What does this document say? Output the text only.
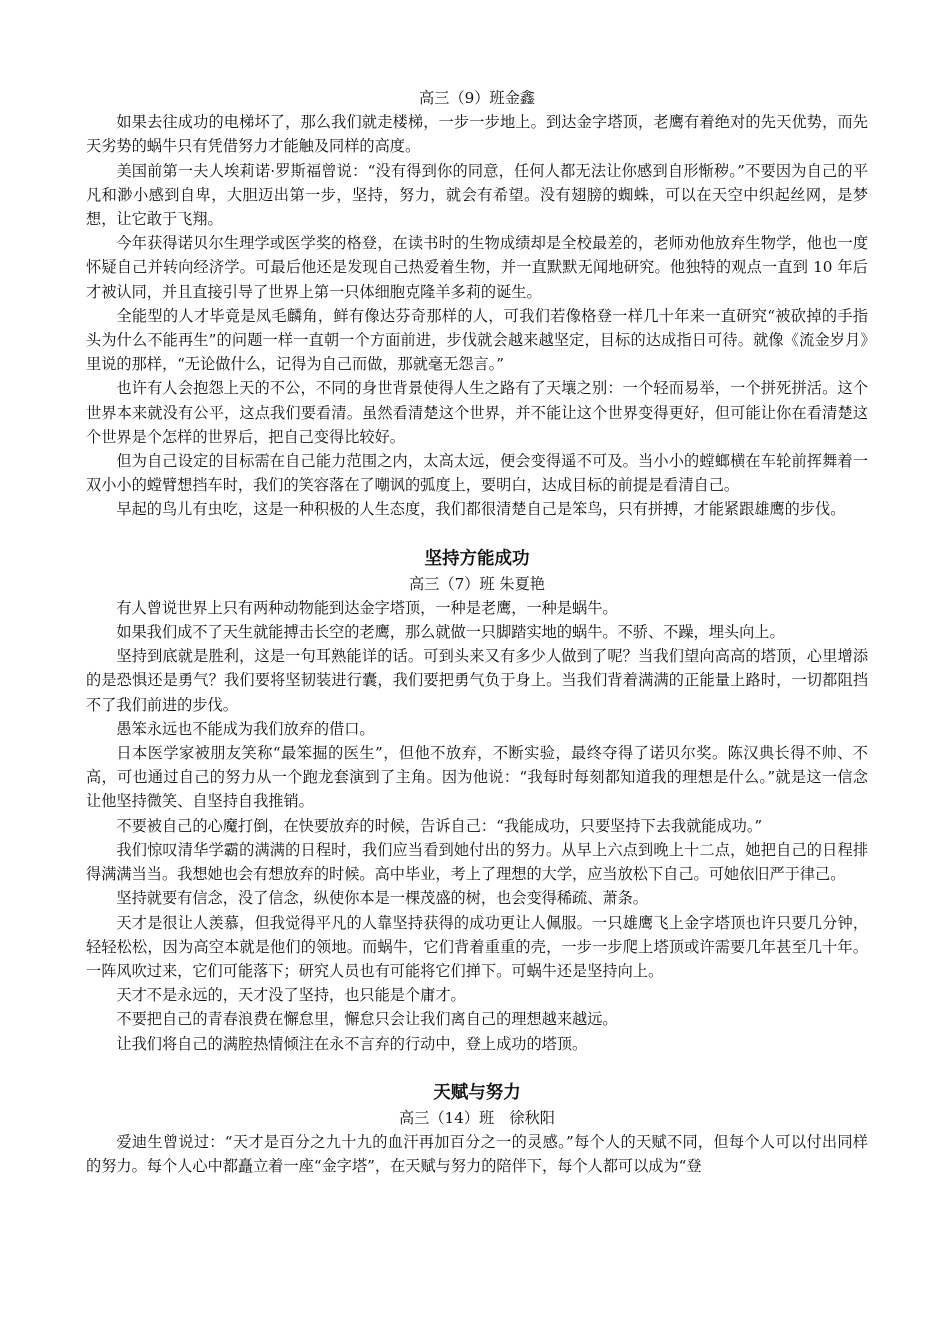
高三（9）班金鑫

如果去往成功的电梯坏了，那么我们就走楼梯，一步一步地上。到达金字塔顶，老鹰有着绝对的先天优势，而先天劣势的蜗牛只有凭借努力才能触及同样的高度。

美国前第一夫人埃莉诺·罗斯福曾说：“没有得到你的同意，任何人都无法让你感到自形惭秽。”不要因为自己的平凡和渺小感到自卑，大胆迈出第一步，坚持，努力，就会有希望。没有翅膀的蜘蛛，可以在天空中织起丝网，是梦想，让它敢于飞翔。

今年获得诺贝尔生理学或医学奖的格登，在读书时的生物成绩却是全校最差的，老师劝他放弃生物学，他也一度怀疑自己并转向经济学。可最后他还是发现自己热爱着生物，并一直默默无闻地研究。他独特的观点一直到 10 年后才被认同，并且直接引导了世界上第一只体细胞克隆羊多莉的诞生。

全能型的人才毕竟是凤毛麟角，鲜有像达芬奇那样的人，可我们若像格登一样几十年来一直研究“被砍掉的手指头为什么不能再生”的问题一样一直朝一个方面前进，步伐就会越来越坚定，目标的达成指日可待。就像《流金岁月》里说的那样，“无论做什么，记得为自己而做，那就毫无怨言。”

也许有人会抱怨上天的不公，不同的身世背景使得人生之路有了天壤之别：一个轻而易举，一个拼死拼活。这个世界本来就没有公平，这点我们要看清。虽然看清楚这个世界，并不能让这个世界变得更好，但可能让你在看清楚这个世界是个怎样的世界后，把自己变得比较好。

但为自己设定的目标需在自己能力范围之内，太高太远，便会变得遥不可及。当小小的螳螂横在车轮前挥舞着一双小小的螳臂想挡车时，我们的笑容落在了嘲讽的弧度上，要明白，达成目标的前提是看清自己。

早起的鸟儿有虫吃，这是一种积极的人生态度，我们都很清楚自己是笨鸟，只有拼搏，才能紧跟雄鹰的步伐。

坚持方能成功

高三（7）班 朱夏艳

有人曾说世界上只有两种动物能到达金字塔顶，一种是老鹰，一种是蜗牛。

如果我们成不了天生就能搏击长空的老鹰，那么就做一只脚踏实地的蜗牛。不骄、不躁，埋头向上。

坚持到底就是胜利，这是一句耳熟能详的话。可到头来又有多少人做到了呢？当我们望向高高的塔顶，心里增添的是恐惧还是勇气？我们要将坚韧装进行囊，我们要把勇气负于身上。当我们背着满满的正能量上路时，一切都阻挡不了我们前进的步伐。

愚笨永远也不能成为我们放弃的借口。

日本医学家被朋友笑称“最笨掘的医生”，但他不放弃，不断实验，最终夺得了诺贝尔奖。陈汉典长得不帅、不高，可也通过自己的努力从一个跑龙套演到了主角。因为他说：“我每时每刻都知道我的理想是什么。”就是这一信念让他坚持微笑、自坚持自我推销。

不要被自己的心魔打倒，在快要放弃的时候，告诉自己：“我能成功，只要坚持下去我就能成功。”

我们惊叹清华学霸的满满的日程时，我们应当看到她付出的努力。从早上六点到晚上十二点，她把自己的日程排得满满当当。我想她也会有想放弃的时候。高中毕业，考上了理想的大学，应当放松下自己。可她依旧严于律己。

坚持就要有信念，没了信念，纵使你本是一棵茂盛的树，也会变得稀疏、萧条。

天才是很让人羡慕，但我觉得平凡的人靠坚持获得的成功更让人佩服。一只雄鹰飞上金字塔顶也许只要几分钟，轻轻松松，因为高空本就是他们的领地。而蜗牛，它们背着重重的壳，一步一步爬上塔顶或许需要几年甚至几十年。一阵风吹过来，它们可能落下；研究人员也有可能将它们掸下。可蜗牛还是坚持向上。

天才不是永远的，天才没了坚持，也只能是个庸才。

不要把自己的青春浪费在懈怠里，懈怠只会让我们离自己的理想越来越远。

让我们将自己的满腔热情倾注在永不言弃的行动中，登上成功的塔顶。

天赋与努力

高三（14）班　徐秋阳

爱迪生曾说过：“天才是百分之九十九的血汗再加百分之一的灵感。”每个人的天赋不同，但每个人可以付出同样的努力。每个人心中都矗立着一座“金字塔”，在天赋与努力的陪伴下，每个人都可以成为“登
